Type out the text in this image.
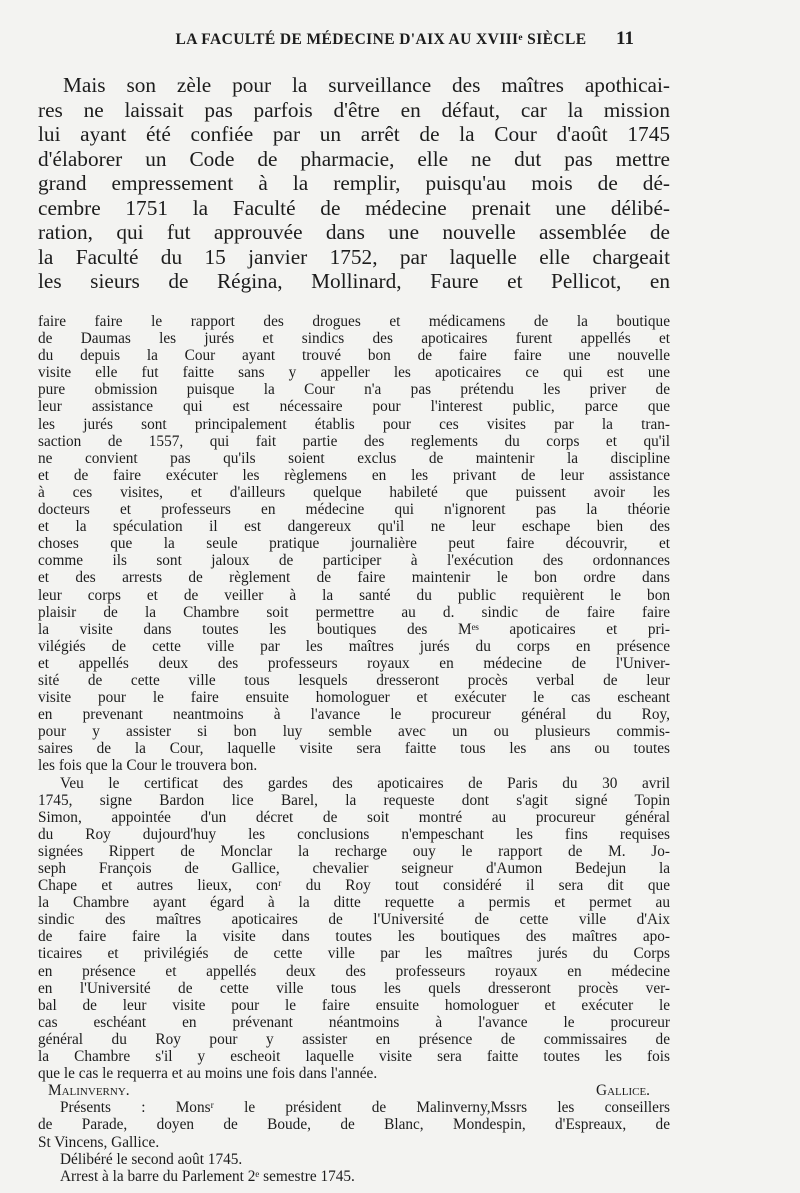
LA FACULTÉ DE MÉDECINE D'AIX AU XVIIIᵉ SIÈCLE	11
Mais son zèle pour la surveillance des maîtres apothicai-
res ne laissait pas parfois d'être en défaut, car la mission
lui ayant été confiée par un arrêt de la Cour d'août 1745
d'élaborer un Code de pharmacie, elle ne dut pas mettre
grand empressement à la remplir, puisqu'au mois de dé-
cembre 1751 la Faculté de médecine prenait une délibé-
ration, qui fut approuvée dans une nouvelle assemblée de
la Faculté du 15 janvier 1752, par laquelle elle chargeait
les sieurs de Régina, Mollinard, Faure et Pellicot, en
faire faire le rapport des drogues et médicamens de la boutique
de Daumas les jurés et sindics des apoticaires furent appellés et
du depuis la Cour ayant trouvé bon de faire faire une nouvelle
visite elle fut faitte sans y appeller les apoticaires ce qui est une
pure obmission puisque la Cour n'a pas prétendu les priver de
leur assistance qui est nécessaire pour l'interest public, parce que
les jurés sont principalement établis pour ces visites par la tran-
saction de 1557, qui fait partie des reglements du corps et qu'il
ne convient pas qu'ils soient exclus de maintenir la discipline
et de faire exécuter les règlemens en les privant de leur assistance
à ces visites, et d'ailleurs quelque habileté que puissent avoir les
docteurs et professeurs en médecine qui n'ignorent pas la théorie
et la spéculation il est dangereux qu'il ne leur eschape bien des
choses que la seule pratique journalière peut faire découvrir, et
comme ils sont jaloux de participer à l'exécution des ordonnances
et des arrests de règlement de faire maintenir le bon ordre dans
leur corps et de veiller à la santé du public requièrent le bon
plaisir de la Chambre soit permettre au d. sindic de faire faire
la visite dans toutes les boutiques des Mᵉˢ apoticaires et pri-
vilégiés de cette ville par les maîtres jurés du corps en présence
et appellés deux des professeurs royaux en médecine de l'Univer-
sité de cette ville tous lesquels dresseront procès verbal de leur
visite pour le faire ensuite homologuer et exécuter le cas escheant
en prevenant neantmoins à l'avance le procureur général du Roy,
pour y assister si bon luy semble avec un ou plusieurs commis-
saires de la Cour, laquelle visite sera faitte tous les ans ou toutes
les fois que la Cour le trouvera bon.
Veu le certificat des gardes des apoticaires de Paris du 30 avril
1745, signe Bardon lice Barel, la requeste dont s'agit signé Topin
Simon, appointée d'un décret de soit montré au procureur général
du Roy dujourd'huy les conclusions n'empeschant les fins requises
signées Rippert de Monclar la recharge ouy le rapport de M. Jo-
seph François de Gallice, chevalier seigneur d'Aumon Bedejun la
Chape et autres lieux, conʳ du Roy tout considéré il sera dit que
la Chambre ayant égard à la ditte requette a permis et permet au
sindic des maîtres apoticaires de l'Université de cette ville d'Aix
de faire faire la visite dans toutes les boutiques des maîtres apo-
ticaires et privilégiés de cette ville par les maîtres jurés du Corps
en présence et appellés deux des professeurs royaux en médecine
en l'Université de cette ville tous les quels dresseront procès ver-
bal de leur visite pour le faire ensuite homologuer et exécuter le
cas eschéant en prévenant néantmoins à l'avance le procureur
général du Roy pour y assister en présence de commissaires de
la Chambre s'il y escheoit laquelle visite sera faitte toutes les fois
que le cas le requerra et au moins une fois dans l'année.
Malinverny.	Gallice.
Présents : Monsʳ le président de Malinverny,Mssrs les conseillers
de Parade, doyen de Boude, de Blanc, Mondespin, d'Espreaux, de
St Vincens, Gallice.
Délibéré le second août 1745.
Arrest à la barre du Parlement 2ᵉ semestre 1745.
